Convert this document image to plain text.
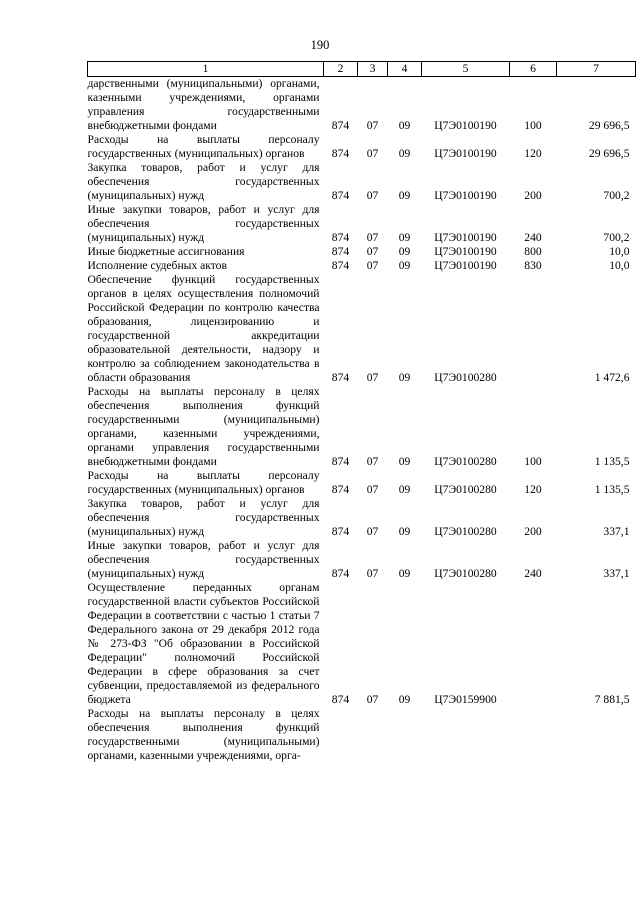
190
1	2	3	4	5	6	7
дарственными (муниципальными) органами, казенными учреждениями, органами управления государственными внебюджетными фондами	874	07	09	Ц7Э0100190	100	29 696,5
Расходы на выплаты персоналу государственных (муниципальных) органов	874	07	09	Ц7Э0100190	120	29 696,5
Закупка товаров, работ и услуг для обеспечения государственных (муниципальных) нужд	874	07	09	Ц7Э0100190	200	700,2
Иные закупки товаров, работ и услуг для обеспечения государственных (муниципальных) нужд	874	07	09	Ц7Э0100190	240	700,2
Иные бюджетные ассигнования	874	07	09	Ц7Э0100190	800	10,0
Исполнение судебных актов	874	07	09	Ц7Э0100190	830	10,0
Обеспечение функций государственных органов в целях осуществления полномочий Российской Федерации по контролю качества образования, лицензированию и государственной аккредитации образовательной деятельности, надзору и контролю за соблюдением законодательства в области образования	874	07	09	Ц7Э0100280		1 472,6
Расходы на выплаты персоналу в целях обеспечения выполнения функций государственными (муниципальными) органами, казенными учреждениями, органами управления государственными внебюджетными фондами	874	07	09	Ц7Э0100280	100	1 135,5
Расходы на выплаты персоналу государственных (муниципальных) органов	874	07	09	Ц7Э0100280	120	1 135,5
Закупка товаров, работ и услуг для обеспечения государственных (муниципальных) нужд	874	07	09	Ц7Э0100280	200	337,1
Иные закупки товаров, работ и услуг для обеспечения государственных (муниципальных) нужд	874	07	09	Ц7Э0100280	240	337,1
Осуществление переданных органам государственной власти субъектов Российской Федерации в соответствии с частью 1 статьи 7 Федерального закона от 29 декабря 2012 года № 273-ФЗ "Об образовании в Российской Федерации" полномочий Российской Федерации в сфере образования за счет субвенции, предоставляемой из федерального бюджета	874	07	09	Ц7Э0159900		7 881,5
Расходы на выплаты персоналу в целях обеспечения выполнения функций государственными (муниципальными) органами, казенными учреждениями, орга-						
